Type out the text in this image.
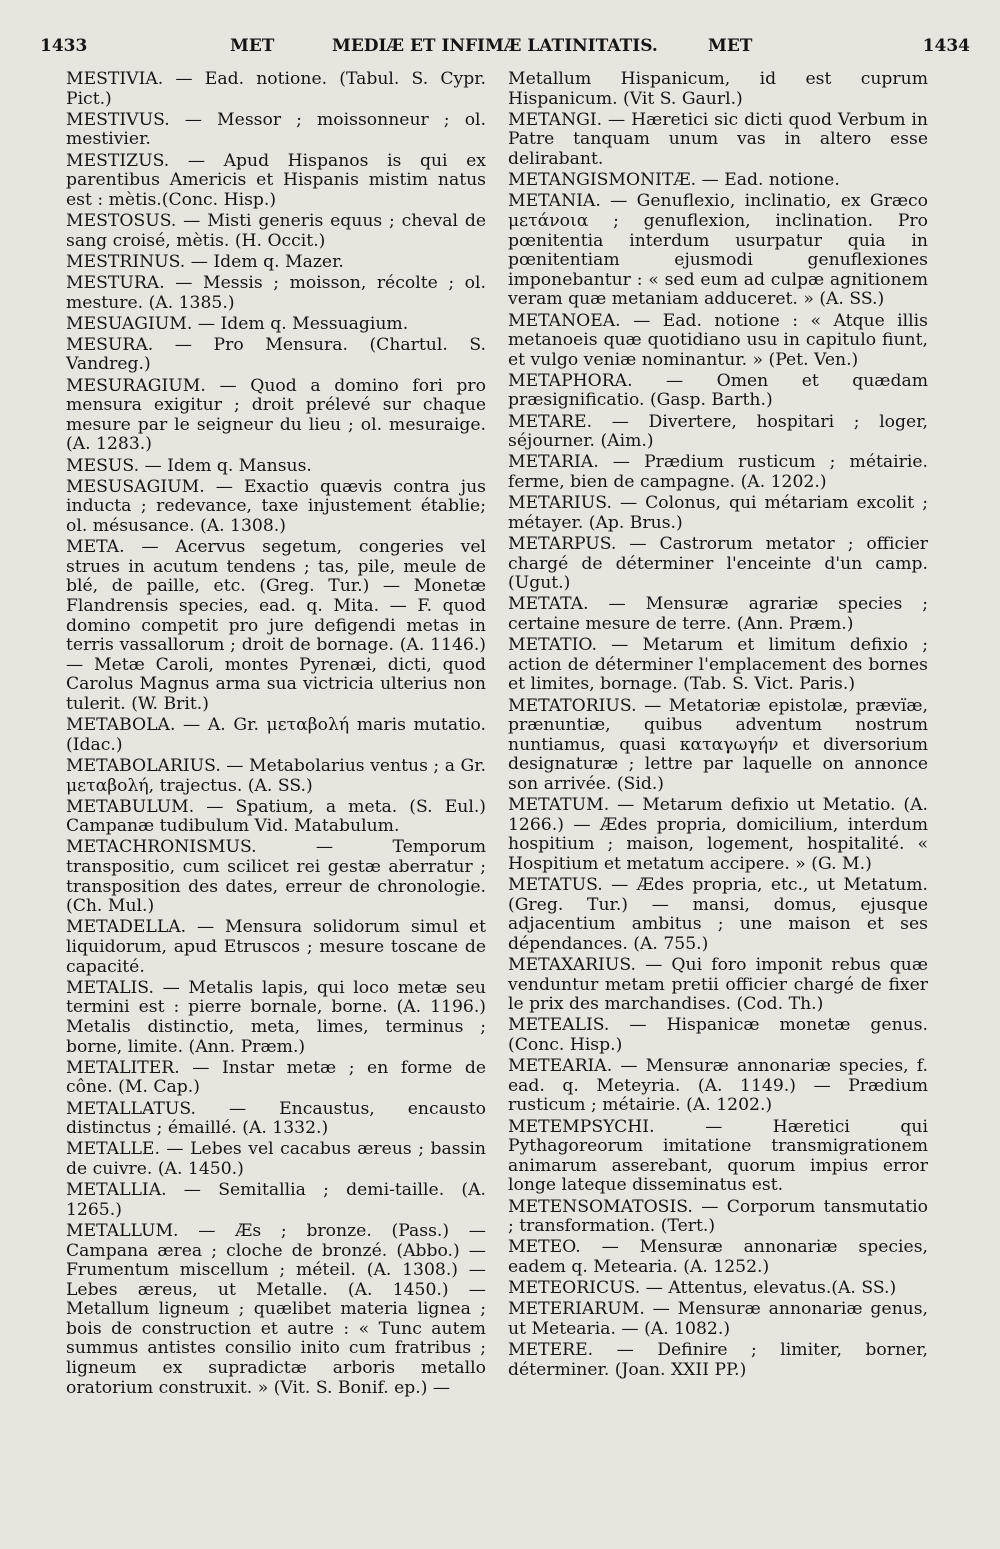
1433	MET	MEDIÆ ET INFIMÆ LATINITATIS.	MET	1434

MESTIVIA. — Ead. notione. (Tabul. S. Cypr. Pict.)

MESTIVUS. — Messor ; moissonneur ; ol. mestivier.

MESTIZUS. — Apud Hispanos is qui ex parentibus Americis et Hispanis mistim natus est : mètis.(Conc. Hisp.)

MESTOSUS. — Misti generis equus ; cheval de sang croisé, mètis. (H. Occit.)

MESTRINUS. — Idem q. Mazer.

MESTURA. — Messis ; moisson, récolte ; ol. mesture. (A. 1385.)

MESUAGIUM. — Idem q. Messuagium.

MESURA. — Pro Mensura. (Chartul. S. Vandreg.)

MESURAGIUM. — Quod a domino fori pro mensura exigitur ; droit prélevé sur chaque mesure par le seigneur du lieu ; ol. mesuraige. (A. 1283.)

MESUS. — Idem q. Mansus.

MESUSAGIUM. — Exactio quævis contra jus inducta ; redevance, taxe injustement établie; ol. mésusance. (A. 1308.)

META. — Acervus segetum, congeries vel strues in acutum tendens ; tas, pile, meule de blé, de paille, etc. (Greg. Tur.) — Monetæ Flandrensis species, ead. q. Mita. — F. quod domino competit pro jure defigendi metas in terris vassallorum ; droit de bornage. (A. 1146.) — Metæ Caroli, montes Pyrenæi, dicti, quod Carolus Magnus arma sua victricia ulterius non tulerit. (W. Brit.)

METABOLA. — A. Gr. μεταβολή maris mutatio. (Idac.)

METABOLARIUS. — Metabolarius ventus ; a Gr. μεταβολή, trajectus. (A. SS.)

METABULUM. — Spatium, a meta. (S. Eul.) Campanæ tudibulum Vid. Matabulum.

METACHRONISMUS. — Temporum transpositio, cum scilicet rei gestæ aberratur ; transposition des dates, erreur de chronologie. (Ch. Mul.)

METADELLA. — Mensura solidorum simul et liquidorum, apud Etruscos ; mesure toscane de capacité.

METALIS. — Metalis lapis, qui loco metæ seu termini est : pierre bornale, borne. (A. 1196.) Metalis distinctio, meta, limes, terminus ; borne, limite. (Ann. Præm.)

METALITER. — Instar metæ ; en forme de cône. (M. Cap.)

METALLATUS. — Encaustus, encausto distinctus ; émaillé. (A. 1332.)

METALLE. — Lebes vel cacabus æreus ; bassin de cuivre. (A. 1450.)

METALLIA. — Semitallia ; demi-taille. (A. 1265.)

METALLUM. — Æs ; bronze. (Pass.) — Campana ærea ; cloche de bronzé. (Abbo.) — Frumentum miscellum ; méteil. (A. 1308.) — Lebes æreus, ut Metalle. (A. 1450.) — Metallum ligneum ; quælibet materia lignea ; bois de construction et autre : « Tunc autem summus antistes consilio inito cum fratribus ; ligneum ex supradictæ arboris metallo oratorium construxit. » (Vit. S. Bonif. ep.) —

Metallum Hispanicum, id est cuprum Hispanicum. (Vit S. Gaurl.)

METANGI. — Hæretici sic dicti quod Verbum in Patre tanquam unum vas in altero esse delirabant.

METANGISMONITÆ. — Ead. notione.

METANIA. — Genuflexio, inclinatio, ex Græco μετάνοια ; genuflexion, inclination. Pro pœnitentia interdum usurpatur quia in pœnitentiam ejusmodi genuflexiones imponebantur : « sed eum ad culpæ agnitionem veram quæ metaniam adduceret. » (A. SS.)

METANOEA. — Ead. notione : « Atque illis metanoeis quæ quotidiano usu in capitulo fiunt, et vulgo veniæ nominantur. » (Pet. Ven.)

METAPHORA. — Omen et quædam præsignificatio. (Gasp. Barth.)

METARE. — Divertere, hospitari ; loger, séjourner. (Aim.)

METARIA. — Prædium rusticum ; métairie. ferme, bien de campagne. (A. 1202.)

METARIUS. — Colonus, qui métariam excolit ; métayer. (Ap. Brus.)

METARPUS. — Castrorum metator ; officier chargé de déterminer l'enceinte d'un camp. (Ugut.)

METATA. — Mensuræ agrariæ species ; certaine mesure de terre. (Ann. Præm.)

METATIO. — Metarum et limitum defixio ; action de déterminer l'emplacement des bornes et limites, bornage. (Tab. S. Vict. Paris.)

METATORIUS. — Metatoriæ epistolæ, prævïæ, prænuntiæ, quibus adventum nostrum nuntiamus, quasi καταγωγήν et diversorium designaturæ ; lettre par laquelle on annonce son arrivée. (Sid.)

METATUM. — Metarum defixio ut Metatio. (A. 1266.) — Ædes propria, domicilium, interdum hospitium ; maison, logement, hospitalité. « Hospitium et metatum accipere. » (G. M.)

METATUS. — Ædes propria, etc., ut Metatum. (Greg. Tur.) — mansi, domus, ejusque adjacentium ambitus ; une maison et ses dépendances. (A. 755.)

METAXARIUS. — Qui foro imponit rebus quæ venduntur metam pretii officier chargé de fixer le prix des marchandises. (Cod. Th.)

METEALIS. — Hispanicæ monetæ genus. (Conc. Hisp.)

METEARIA. — Mensuræ annonariæ species, f. ead. q. Meteyria. (A. 1149.) — Prædium rusticum ; métairie. (A. 1202.)

METEMPSYCHI. — Hæretici qui Pythagoreorum imitatione transmigrationem animarum asserebant, quorum impius error longe lateque disseminatus est.

METENSOMATOSIS. — Corporum tansmutatio ; transformation. (Tert.)

METEO. — Mensuræ annonariæ species, eadem q. Metearia. (A. 1252.)

METEORICUS. — Attentus, elevatus.(A. SS.)

METERIARUM. — Mensuræ annonariæ genus, ut Metearia. — (A. 1082.)

METERE. — Definire ; limiter, borner, déterminer. (Joan. XXII PP.)
